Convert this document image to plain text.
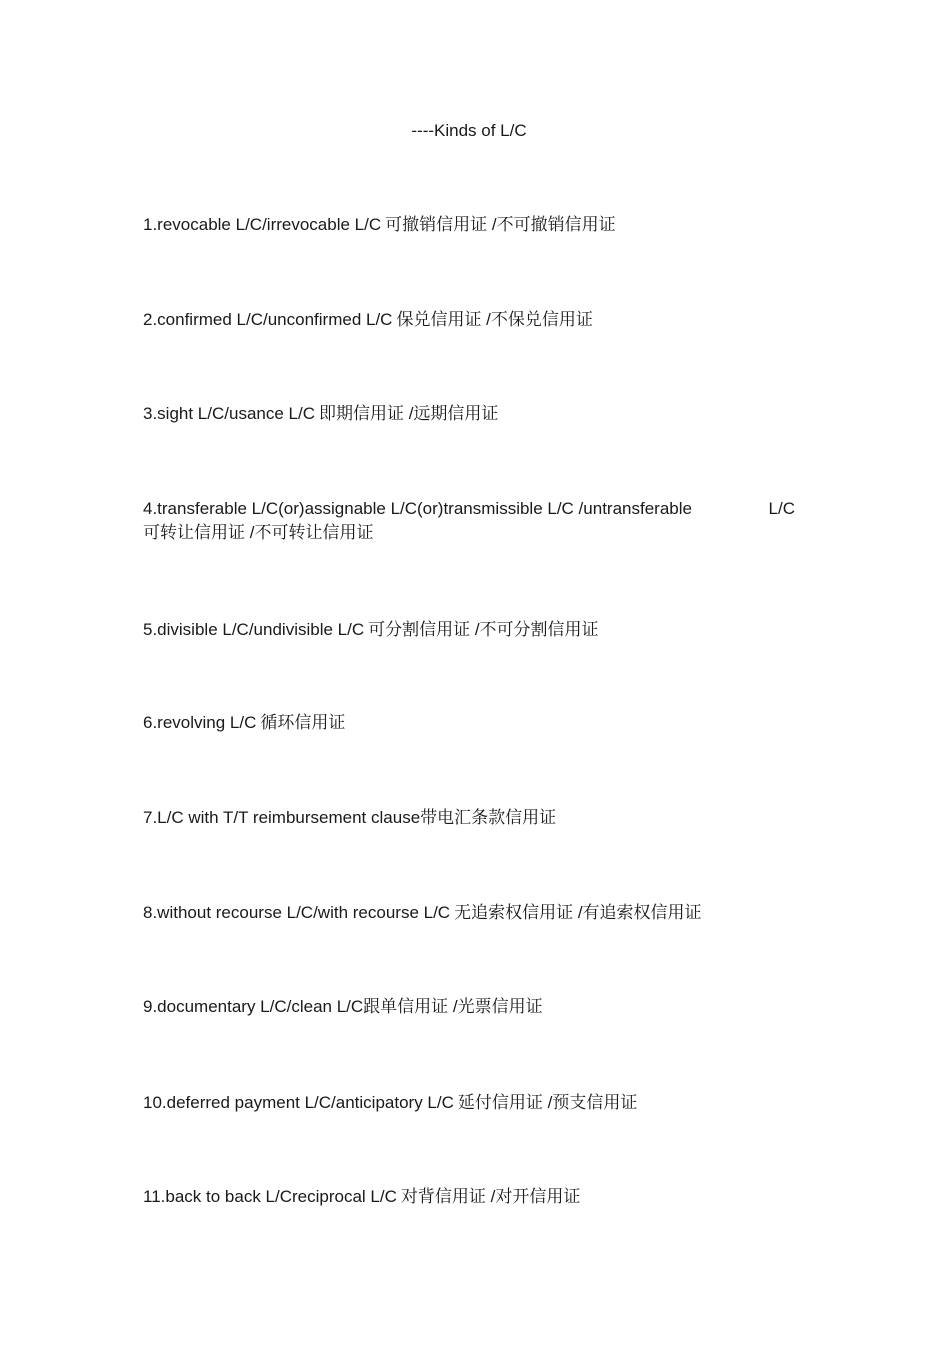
----Kinds of L/C
1.revocable L/C/irrevocable L/C 可撤销信用证 /不可撤销信用证
2.confirmed L/C/unconfirmed L/C 保兑信用证 /不保兑信用证
3.sight L/C/usance L/C 即期信用证 /远期信用证
4.transferable L/C(or)assignable L/C(or)transmissible L/C /untransferable	L/C
可转让信用证 /不可转让信用证
5.divisible L/C/undivisible L/C 可分割信用证 /不可分割信用证
6.revolving L/C 循环信用证
7.L/C with T/T reimbursement clause带电汇条款信用证
8.without recourse L/C/with recourse L/C 无追索权信用证 /有追索权信用证
9.documentary L/C/clean L/C跟单信用证 /光票信用证
10.deferred payment L/C/anticipatory L/C 延付信用证 /预支信用证
11.back to back L/Creciprocal L/C 对背信用证 /对开信用证
